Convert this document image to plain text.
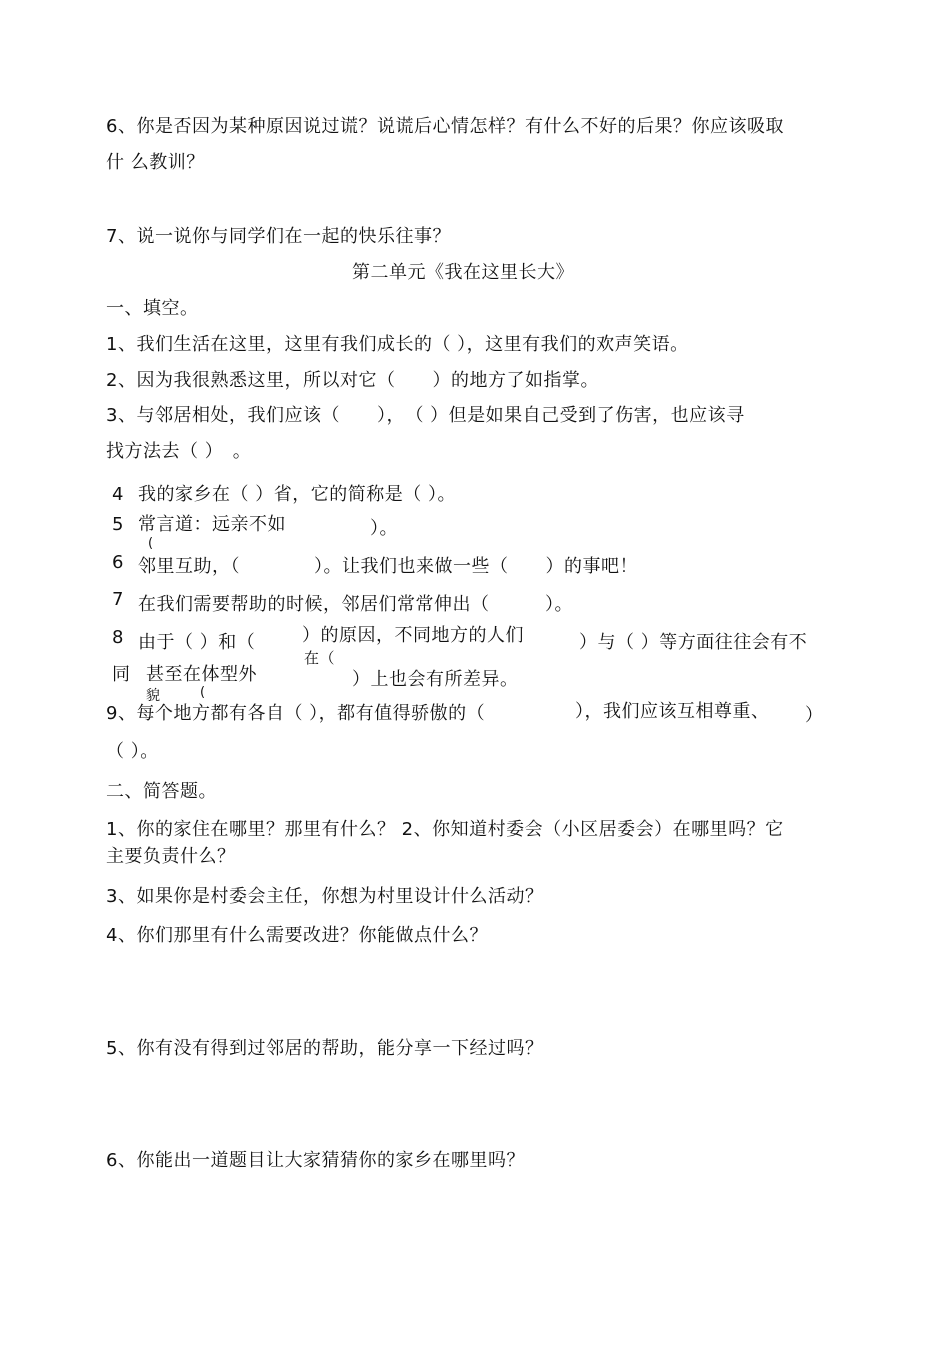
6、你是否因为某种原因说过谎？说谎后心情怎样？有什么不好的后果？你应该吸取
什 么教训？
7、说一说你与同学们在一起的快乐往事？
第二单元《我在这里长大》
一、填空。
1、我们生活在这里，这里有我们成长的（ ），这里有我们的欢声笑语。
2、因为我很熟悉这里，所以对它（　　）的地方了如指掌。
3、与邻居相处，我们应该（　　），　（ ）但是如果自己受到了伤害，也应该寻
找方法去（ ）　。
4 我的家乡在（ ）省，它的简称是（ ）。
5 常言道：远亲不如	）。
(
6 邻里互助，（　　　　）。让我们也来做一些（　　）的事吧！
7 在我们需要帮助的时候，邻居们常常伸出（　　　）。
8 由于（ ）和（	）的原因，不同地方的人们	）与（ ）等方面往往会有不
在（
同 甚至在体型外	）上也会有所差异。
貌	(
9、每个地方都有各自（ ），都有值得骄傲的（	），我们应该互相尊重、 ）
（ ）。
二、简答题。
1、你的家住在哪里？那里有什么？ 2、你知道村委会（小区居委会）在哪里吗？它
主要负责什么？
3、如果你是村委会主任，你想为村里设计什么活动？
4、你们那里有什么需要改进？你能做点什么？
5、你有没有得到过邻居的帮助，能分享一下经过吗？
6、你能出一道题目让大家猜猜你的家乡在哪里吗？
